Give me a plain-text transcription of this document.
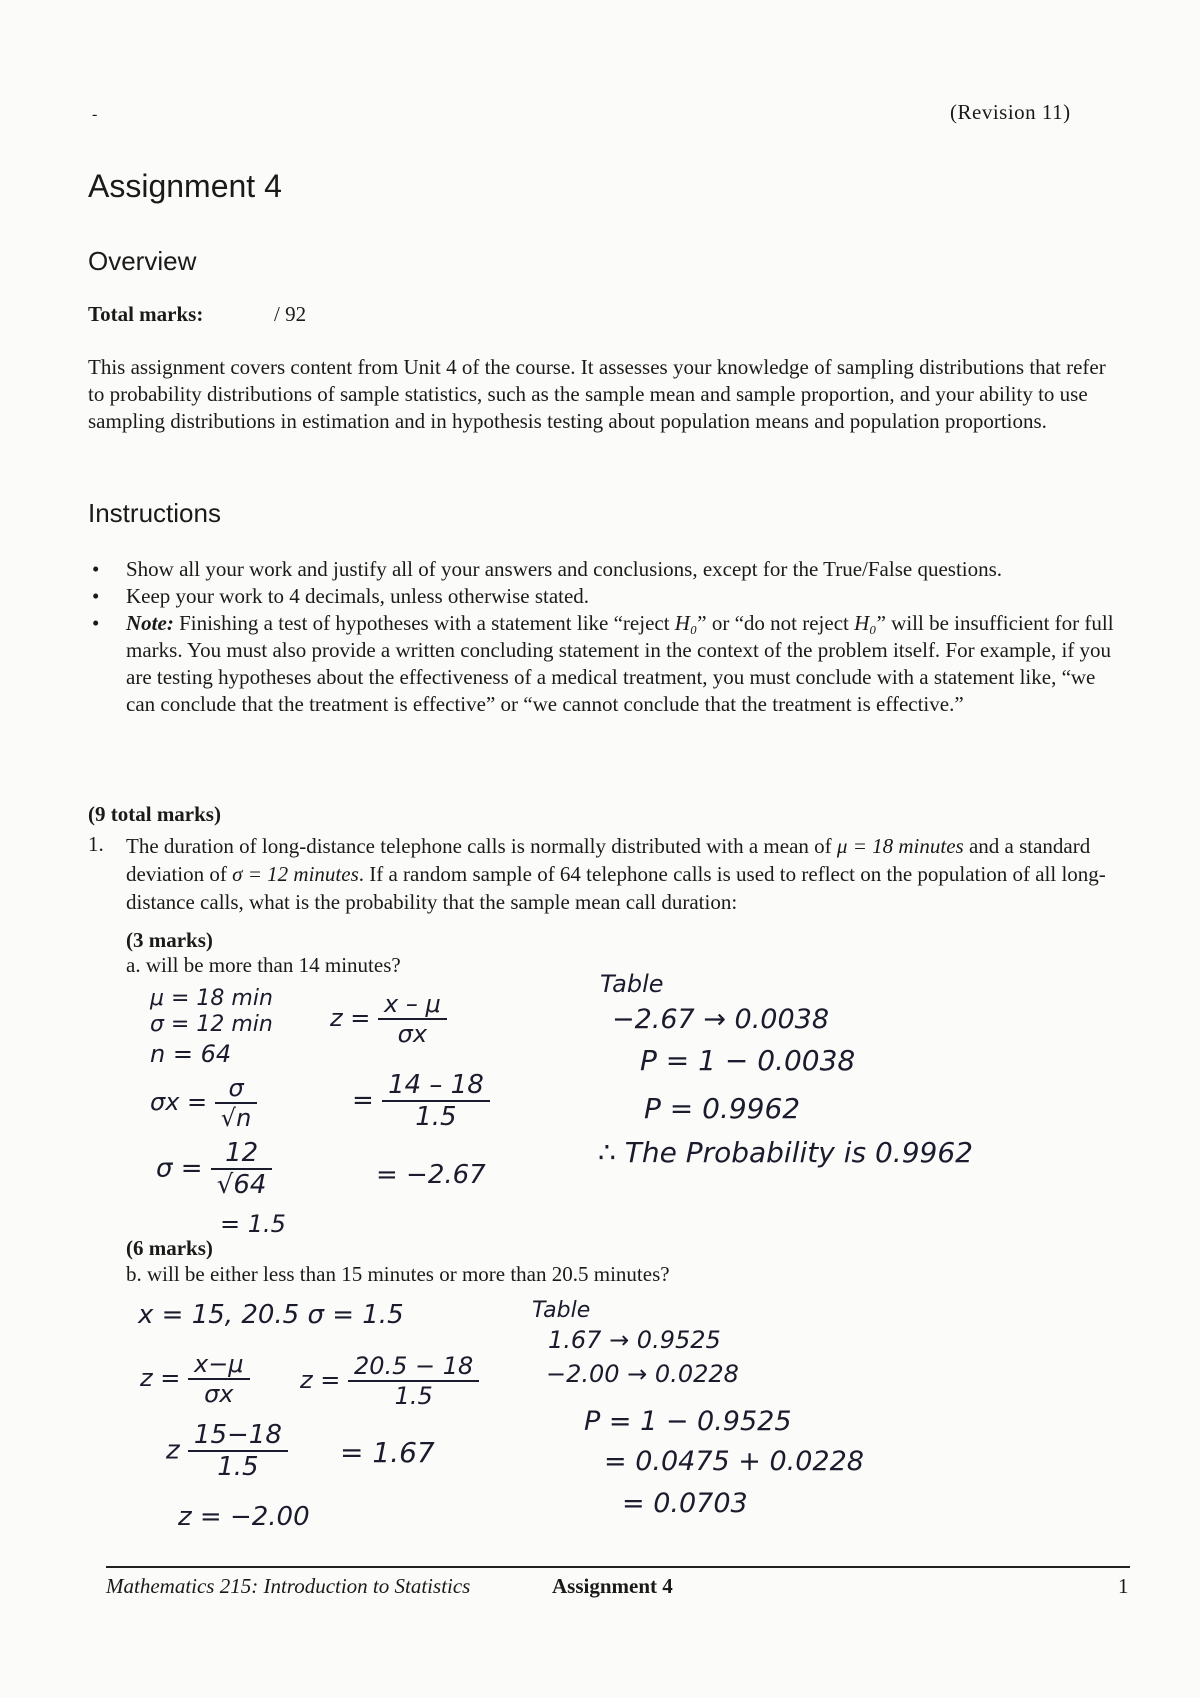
-	(Revision 11)
Assignment 4
Overview
Total marks:	/ 92
This assignment covers content from Unit 4 of the course. It assesses your knowledge of sampling distributions that refer to probability distributions of sample statistics, such as the sample mean and sample proportion, and your ability to use sampling distributions in estimation and in hypothesis testing about population means and population proportions.
Instructions
• Show all your work and justify all of your answers and conclusions, except for the True/False questions.
• Keep your work to 4 decimals, unless otherwise stated.
• Note: Finishing a test of hypotheses with a statement like “reject H₀” or “do not reject H₀” will be insufficient for full marks. You must also provide a written concluding statement in the context of the problem itself. For example, if you are testing hypotheses about the effectiveness of a medical treatment, you must conclude with a statement like, “we can conclude that the treatment is effective” or “we cannot conclude that the treatment is effective.”
(9 total marks)
1. The duration of long-distance telephone calls is normally distributed with a mean of μ = 18 minutes and a standard deviation of σ = 12 minutes. If a random sample of 64 telephone calls is used to reflect on the population of all long-distance calls, what is the probability that the sample mean call duration:
(3 marks)
a. will be more than 14 minutes?
μ = 18 min
σ = 12 min
n = 64
$\sigma x = \frac{\sigma}{√n}$
$\sigma = \frac{12}{√64}$
= 1.5
$z = \frac{x - \mu}{\sigma x}$
= $\frac{14 - 18}{1.5}$
= −2.67
Table
−2.67 → 0.0038
P = 1 − 0.0038
P = 0.9962
∴ The Probability is 0.9962
(6 marks)
b. will be either less than 15 minutes or more than 20.5 minutes?
x = 15, 20.5 σ = 1.5
$z = \frac{x-\mu}{\sigma x}$ $z = \frac{20.5 - 18}{1.5}$
z $\frac{15-18}{1.5} = 1.67$
z = −2.00
Table
1.67 → 0.9525
−2.00 → 0.0228
P = 1 − 0.9525
= 0.0475 + 0.0228
= 0.0703
Mathematics 215: Introduction to Statistics	Assignment 4	1
